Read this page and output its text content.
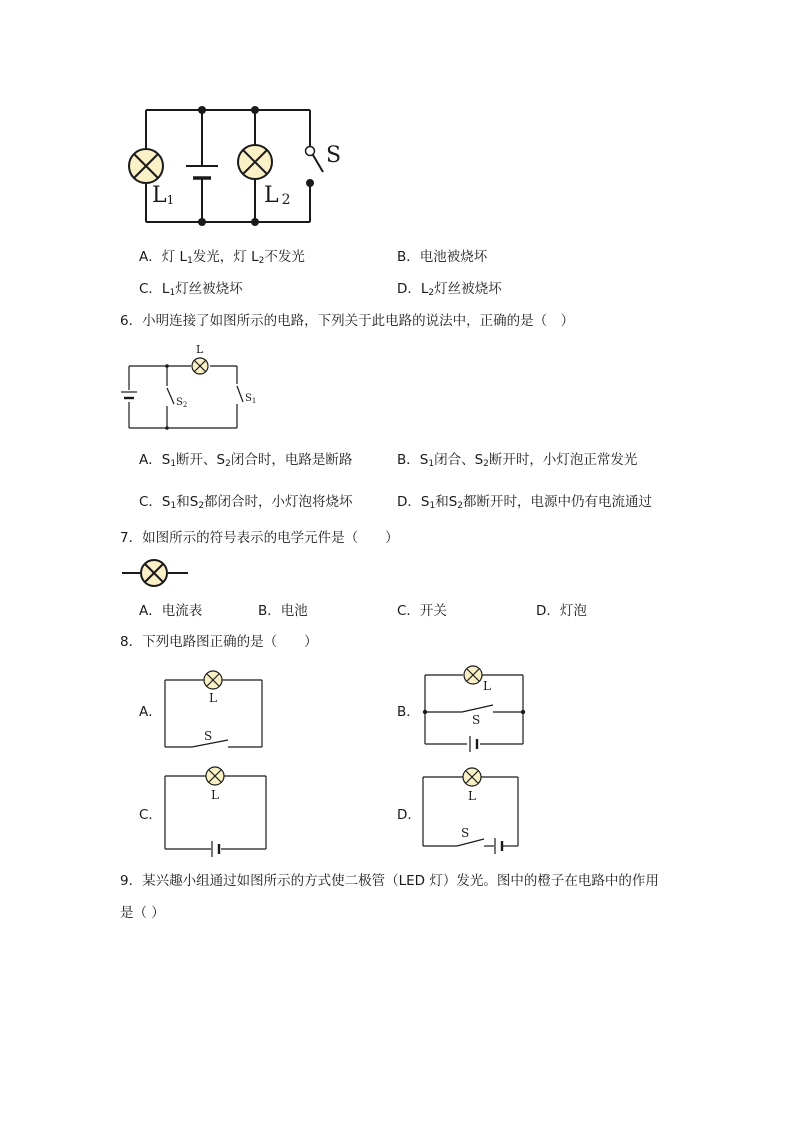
L1	L 2
S
A．灯 $L_1$发光，灯 $L_2$不发光	B．电池被烧坏
C．$L_1$灯丝被烧坏	D．$L_2$灯丝被烧坏
6．小明连接了如图所示的电路，下列关于此电路的说法中，正确的是（　）
L
$S_2$
$S_1$
A．$S_1$断开、$S_2$闭合时，电路是断路	B．$S_1$闭合、$S_2$断开时，小灯泡正常发光
C．$S_1$和$S_2$都闭合时，小灯泡将烧坏	D．$S_1$和$S_2$都断开时，电源中仍有电流通过
7．如图所示的符号表示的电学元件是（　　）
A．电流表	B．电池	C．开关	D．灯泡
8．下列电路图正确的是（　　）
A．	B．
C．	D．
L
S
L
S
L	L
S
9．某兴趣小组通过如图所示的方式使二极管（LED 灯）发光。图中的橙子在电路中的作用
是（ ）
